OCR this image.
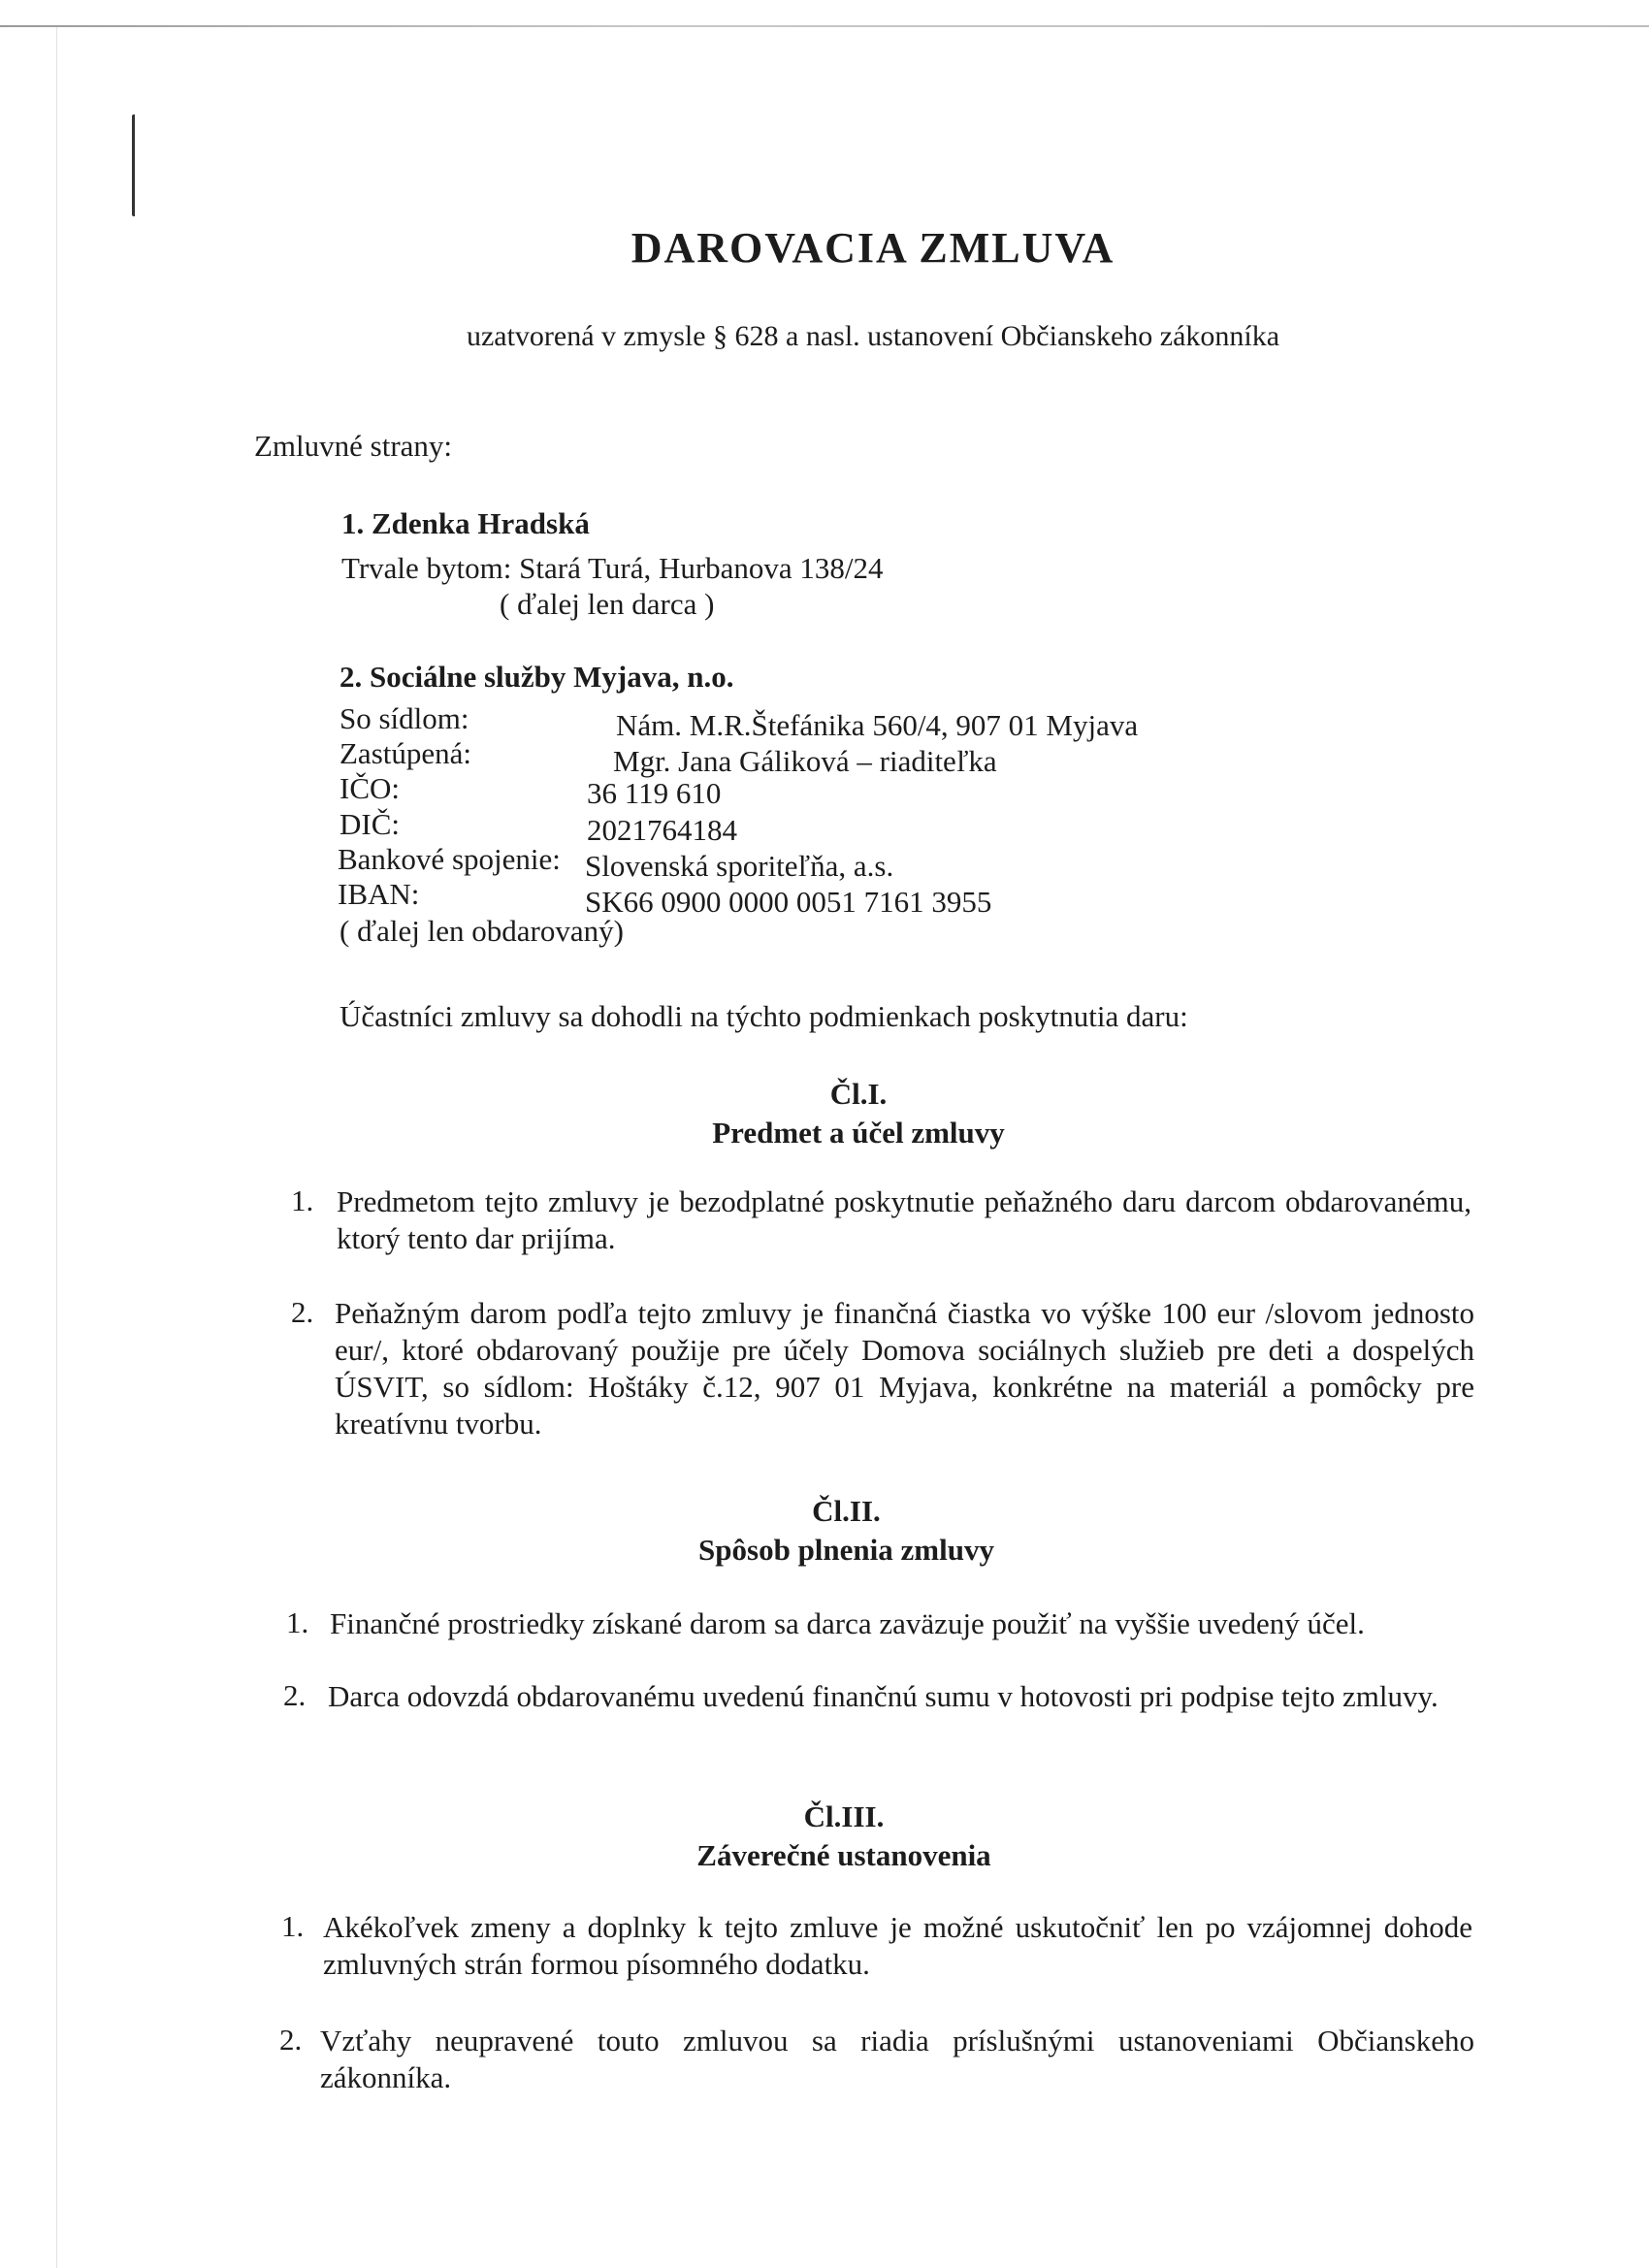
DAROVACIA ZMLUVA
uzatvorená v zmysle § 628 a nasl. ustanovení Občianskeho zákonníka
Zmluvné strany:
1. Zdenka Hradská
Trvale bytom: Stará Turá, Hurbanova 138/24
( ďalej len darca )
2. Sociálne služby Myjava, n.o.
So sídlom:	Nám. M.R.Štefánika 560/4, 907 01 Myjava
Zastúpená:	Mgr. Jana Gáliková – riaditeľka
IČO:	36 119 610
DIČ:	2021764184
Bankové spojenie: Slovenská sporiteľňa, a.s.
IBAN:	SK66 0900 0000 0051 7161 3955
( ďalej len obdarovaný)
Účastníci zmluvy sa dohodli na týchto podmienkach poskytnutia daru:
Čl.I.
Predmet a účel zmluvy
1. Predmetom tejto zmluvy je bezodplatné poskytnutie peňažného daru darcom obdarovanému, ktorý tento dar prijíma.
2. Peňažným darom podľa tejto zmluvy je finančná čiastka vo výške 100 eur /slovom jednosto eur/, ktoré obdarovaný použije pre účely Domova sociálnych služieb pre deti a dospelých ÚSVIT, so sídlom: Hoštáky č.12, 907 01 Myjava, konkrétne na materiál a pomôcky pre kreatívnu tvorbu.
Čl.II.
Spôsob plnenia zmluvy
1. Finančné prostriedky získané darom sa darca zaväzuje použiť na vyššie uvedený účel.
2. Darca odovzdá obdarovanému uvedenú finančnú sumu v hotovosti pri podpise tejto zmluvy.
Čl.III.
Záverečné ustanovenia
1. Akékoľvek zmeny a doplnky k tejto zmluve je možné uskutočniť len po vzájomnej dohode zmluvných strán formou písomného dodatku.
2. Vzťahy neupravené touto zmluvou sa riadia príslušnými ustanoveniami Občianskeho zákonníka.
